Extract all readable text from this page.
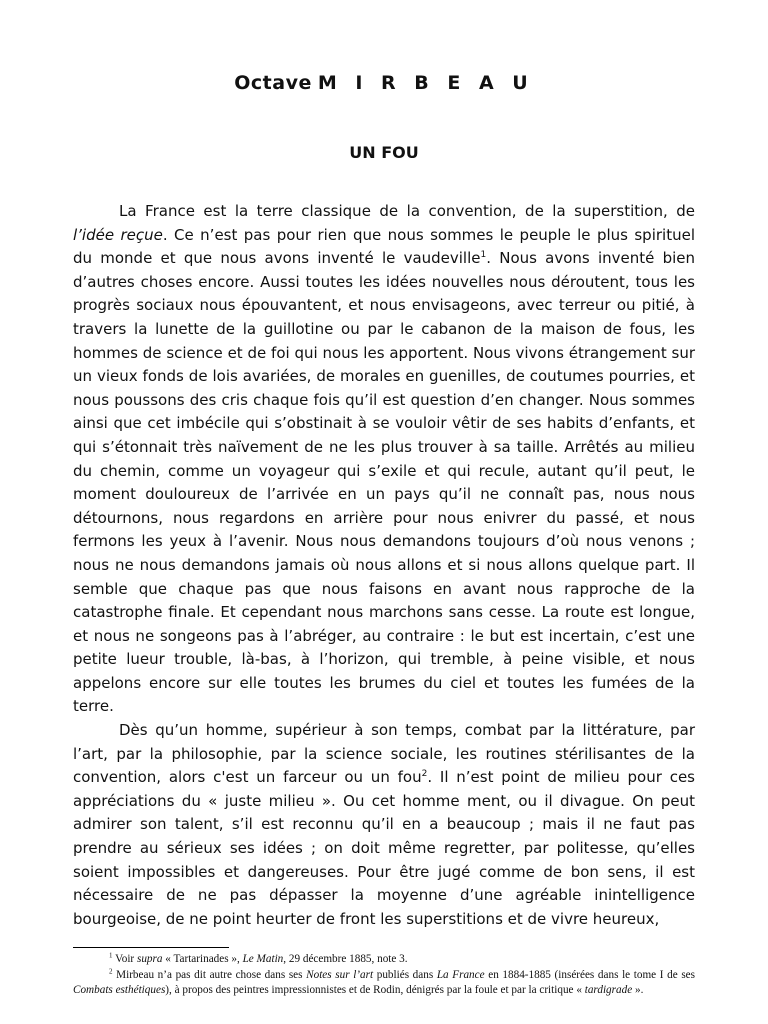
Octave M I R B E A U
UN FOU

La France est la terre classique de la convention, de la superstition, de l’idée reçue. Ce n’est pas pour rien que nous sommes le peuple le plus spirituel du monde et que nous avons inventé le vaudeville$^1$. Nous avons inventé bien d’autres choses encore. Aussi toutes les idées nouvelles nous déroutent, tous les progrès sociaux nous épouvantent, et nous envisageons, avec terreur ou pitié, à travers la lunette de la guillotine ou par le cabanon de la maison de fous, les hommes de science et de foi qui nous les apportent. Nous vivons étrangement sur un vieux fonds de lois avariées, de morales en guenilles, de coutumes pourries, et nous poussons des cris chaque fois qu’il est question d’en changer. Nous sommes ainsi que cet imbécile qui s’obstinait à se vouloir vêtir de ses habits d’enfants, et qui s’étonnait très naïvement de ne les plus trouver à sa taille. Arrêtés au milieu du chemin, comme un voyageur qui s’exile et qui recule, autant qu’il peut, le moment douloureux de l’arrivée en un pays qu’il ne connaît pas, nous nous détournons, nous regardons en arrière pour nous enivrer du passé, et nous fermons les yeux à l’avenir. Nous nous demandons toujours d’où nous venons ; nous ne nous demandons jamais où nous allons et si nous allons quelque part. Il semble que chaque pas que nous faisons en avant nous rapproche de la catastrophe finale. Et cependant nous marchons sans cesse. La route est longue, et nous ne songeons pas à l’abréger, au contraire : le but est incertain, c’est une petite lueur trouble, là-bas, à l’horizon, qui tremble, à peine visible, et nous appelons encore sur elle toutes les brumes du ciel et toutes les fumées de la terre.

Dès qu’un homme, supérieur à son temps, combat par la littérature, par l’art, par la philosophie, par la science sociale, les routines stérilisantes de la convention, alors c'est un farceur ou un fou$^2$. Il n’est point de milieu pour ces appréciations du « juste milieu ». Ou cet homme ment, ou il divague. On peut admirer son talent, s’il est reconnu qu’il en a beaucoup ; mais il ne faut pas prendre au sérieux ses idées ; on doit même regretter, par politesse, qu’elles soient impossibles et dangereuses. Pour être jugé comme de bon sens, il est nécessaire de ne pas dépasser la moyenne d’une agréable inintelligence bourgeoise, de ne point heurter de front les superstitions et de vivre heureux,

$^1$ Voir supra « Tartarinades », Le Matin, 29 décembre 1885, note 3.

$^2$ Mirbeau n’a pas dit autre chose dans ses Notes sur l’art publiés dans La France en 1884-1885 (insérées dans le tome I de ses Combats esthétiques), à propos des peintres impressionnistes et de Rodin, dénigrés par la foule et par la critique « tardigrade ».
